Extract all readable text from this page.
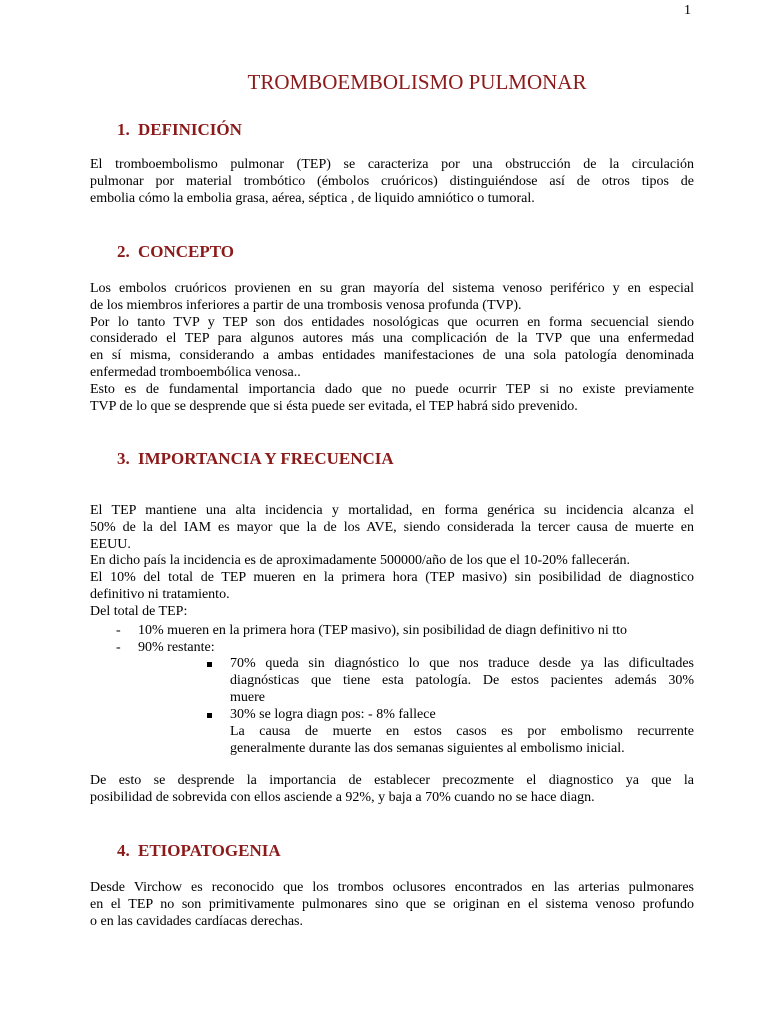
1
TROMBOEMBOLISMO PULMONAR
1. DEFINICIÓN
El tromboembolismo pulmonar (TEP) se caracteriza por una obstrucción de la circulación
pulmonar por material trombótico (émbolos cruóricos) distinguiéndose así de otros tipos de
embolia cómo la embolia grasa, aérea, séptica , de liquido amniótico o tumoral.
2. CONCEPTO
Los embolos cruóricos provienen en su gran mayoría del sistema venoso periférico y en especial
de los miembros inferiores a partir de una trombosis venosa profunda (TVP).
Por lo tanto TVP y TEP son dos entidades nosológicas que ocurren en forma secuencial siendo
considerado el TEP para algunos autores más una complicación de la TVP que una enfermedad
en sí misma, considerando a ambas entidades manifestaciones de una sola patología denominada
enfermedad tromboembólica venosa..
Esto es de fundamental importancia dado que no puede ocurrir TEP si no existe previamente
TVP de lo que se desprende que si ésta puede ser evitada, el TEP habrá sido prevenido.
3. IMPORTANCIA Y FRECUENCIA
El TEP mantiene una alta incidencia y mortalidad, en forma genérica su incidencia alcanza el
50% de la del IAM es mayor que la de los AVE, siendo considerada la tercer causa de muerte en
EEUU.
En dicho país la incidencia es de aproximadamente 500000/año de los que el 10-20% fallecerán.
El 10% del total de TEP mueren en la primera hora (TEP masivo) sin posibilidad de diagnostico
definitivo ni tratamiento.
Del total de TEP:
- 10% mueren en la primera hora (TEP masivo), sin posibilidad de diagn definitivo ni tto
- 90% restante:
70% queda sin diagnóstico lo que nos traduce desde ya las dificultades
diagnósticas que tiene esta patología. De estos pacientes además 30%
muere
30% se logra diagn pos: - 8% fallece
La causa de muerte en estos casos es por embolismo recurrente
generalmente durante las dos semanas siguientes al embolismo inicial.
De esto se desprende la importancia de establecer precozmente el diagnostico ya que la
posibilidad de sobrevida con ellos asciende a 92%, y baja a 70% cuando no se hace diagn.
4. ETIOPATOGENIA
Desde Virchow es reconocido que los trombos oclusores encontrados en las arterias pulmonares
en el TEP no son primitivamente pulmonares sino que se originan en el sistema venoso profundo
o en las cavidades cardíacas derechas.
